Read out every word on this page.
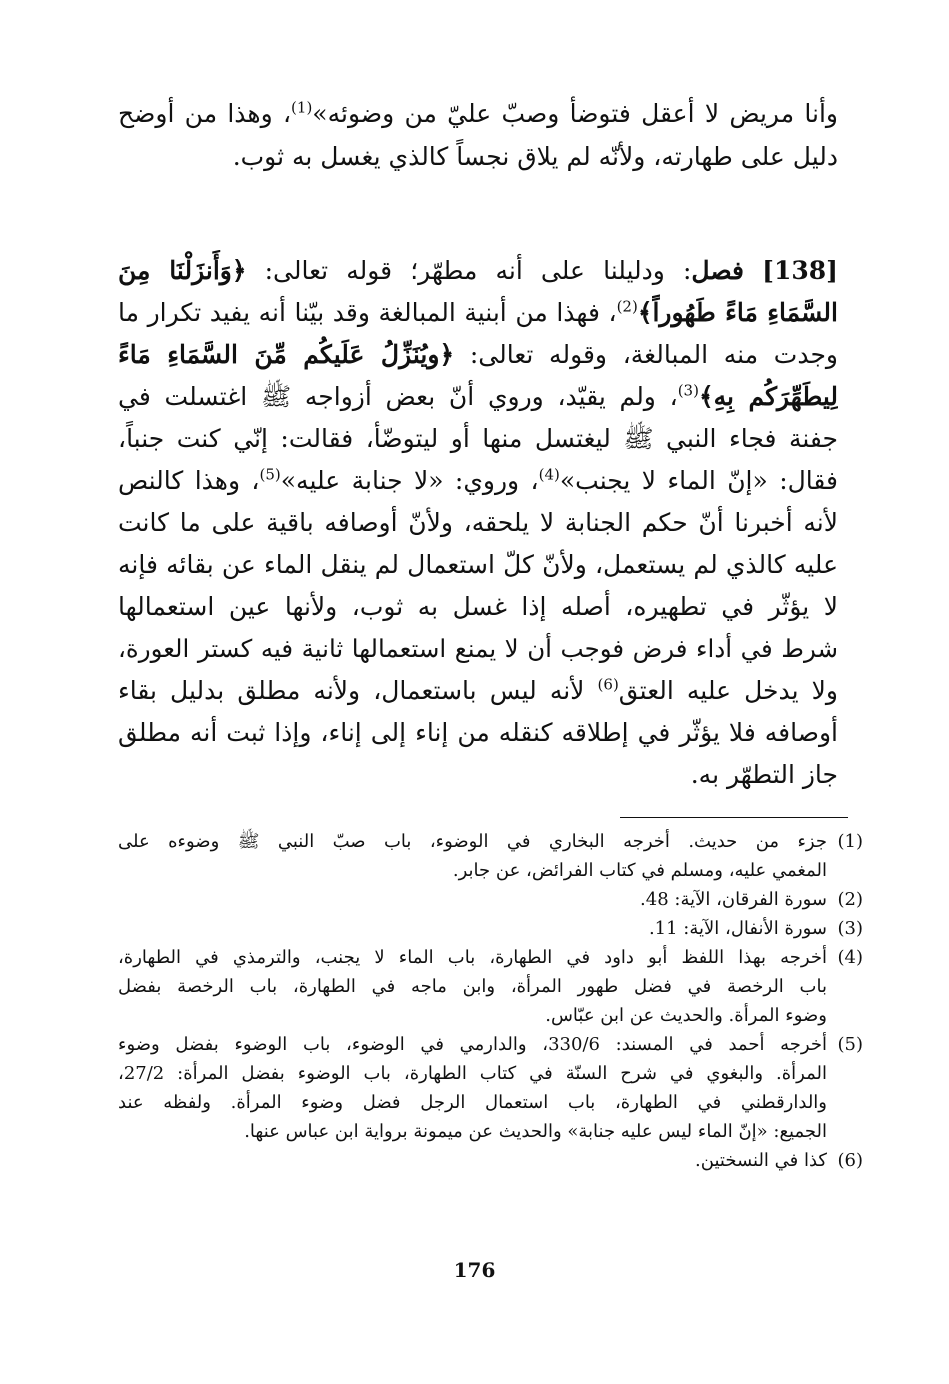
وأنا مريض لا أعقل فتوضأ وصبّ عليّ من وضوئه»$^{(1)}$، وهذا من أوضح
دليل على طهارته، ولأنّه لم يلاق نجساً كالذي يغسل به ثوب.
[138] فصل: ودليلنا على أنه مطهّر؛ قوله تعالى: ﴿وَأَنزَلْنَا مِنَ
السَّمَاءِ مَاءً طَهُوراً﴾$^{(2)}$، فهذا من أبنية المبالغة وقد بيّنا أنه يفيد تكرار ما
وجدت منه المبالغة، وقوله تعالى: ﴿ويُنَزِّلُ عَلَيكُم مِّنَ السَّمَاءِ مَاءً
لِيطَهِّرَكُم بِهِ﴾$^{(3)}$، ولم يقيّد، وروي أنّ بعض أزواجه ﷺ اغتسلت في
جفنة فجاء النبي ﷺ ليغتسل منها أو ليتوضّأ، فقالت: إنّي كنت جنباً،
فقال: «إنّ الماء لا يجنب»$^{(4)}$، وروي: «لا جنابة عليه»$^{(5)}$، وهذا كالنص
لأنه أخبرنا أنّ حكم الجنابة لا يلحقه، ولأنّ أوصافه باقية على ما كانت
عليه كالذي لم يستعمل، ولأنّ كلّ استعمال لم ينقل الماء عن بقائه فإنه
لا يؤثّر في تطهيره، أصله إذا غسل به ثوب، ولأنها عين استعمالها
شرط في أداء فرض فوجب أن لا يمنع استعمالها ثانية فيه كستر العورة،
ولا يدخل عليه العتق$^{(6)}$ لأنه ليس باستعمال، ولأنه مطلق بدليل بقاء
أوصافه فلا يؤثّر في إطلاقه كنقله من إناء إلى إناء، وإذا ثبت أنه مطلق
جاز التطهّر به.
(1)
جزء من حديث. أخرجه البخاري في الوضوء، باب صبّ النبي ﷺ وضوءه على
المغمي عليه، ومسلم في كتاب الفرائض، عن جابر.
(2)
سورة الفرقان، الآية: 48.
(3)
سورة الأنفال، الآية: 11.
(4)
أخرجه بهذا اللفظ أبو داود في الطهارة، باب الماء لا يجنب، والترمذي في الطهارة،
باب الرخصة في فضل طهور المرأة، وابن ماجه في الطهارة، باب الرخصة بفضل
وضوء المرأة. والحديث عن ابن عبّاس.
(5)
أخرجه أحمد في المسند: 330/6، والدارمي في الوضوء، باب الوضوء بفضل وضوء
المرأة. والبغوي في شرح السنّة في كتاب الطهارة، باب الوضوء بفضل المرأة: 27/2،
والدارقطني في الطهارة، باب استعمال الرجل فضل وضوء المرأة. ولفظه عند
الجميع: «إنّ الماء ليس عليه جنابة» والحديث عن ميمونة برواية ابن عباس عنها.
(6)
كذا في النسختين.
176
